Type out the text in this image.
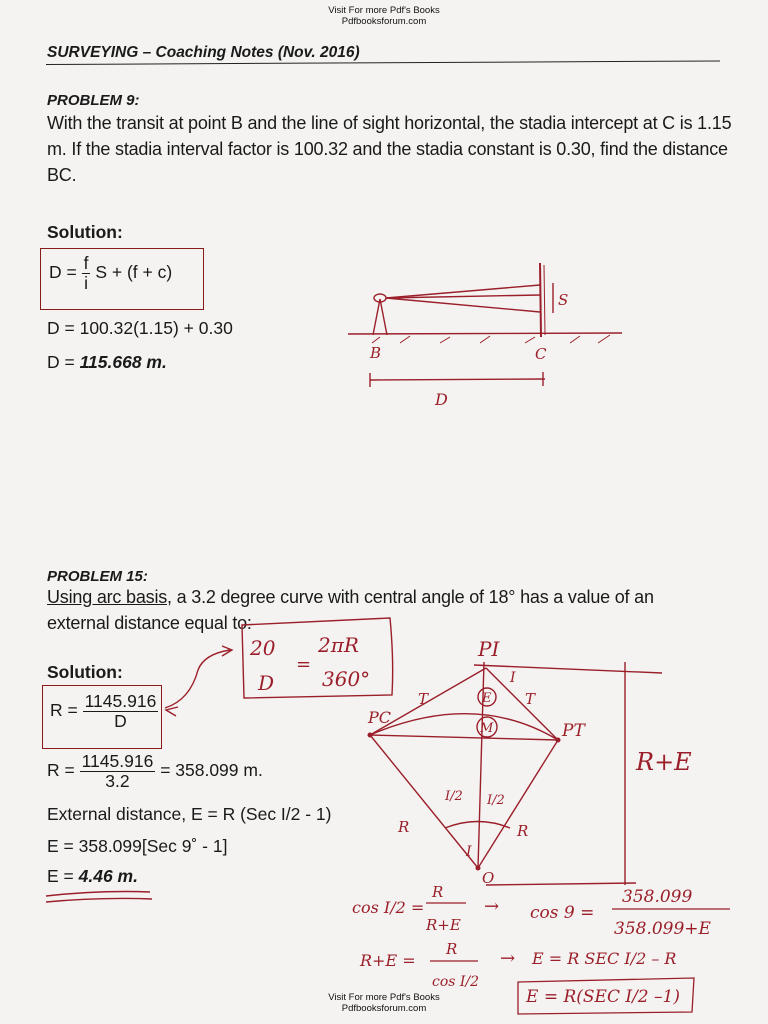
Visit For more Pdf's Books
Pdfbooksforum.com
SURVEYING – Coaching Notes (Nov. 2016)
PROBLEM 9:
With the transit at point B and the line of sight horizontal, the stadia intercept at C is 1.15 m. If the stadia interval factor is 100.32 and the stadia constant is 0.30, find the distance BC.
Solution:
$D = \frac{f}{i}$ S + (f + c)
D = 100.32(1.15) + 0.30
D = 115.668 m.	B	C
S
D
PROBLEM 15:
Using arc basis, a 3.2 degree curve with central angle of 18° has a value of an external distance equal to:
Solution:
$R = \frac{1145.916}{D}$
$R = \frac{1145.916}{3.2} = 358.099$ m.
External distance, E = R (Sec I/2 - 1)
E = 358.099[Sec 9˚ - 1]
E = 4.46 m.
20
D
=
2πR
360°
PI
PC
PT
T	T
E
M
I
I
I/2 I/2
R	R
O
R+E
cos I/2 =
R
R+E
→ cos 9 =
358.099
358.099+E
R+E =
R
cos I/2
→ E = R SEC I/2 – R
E = R(SEC I/2 –1)
Visit For more Pdf's Books
Pdfbooksforum.com
